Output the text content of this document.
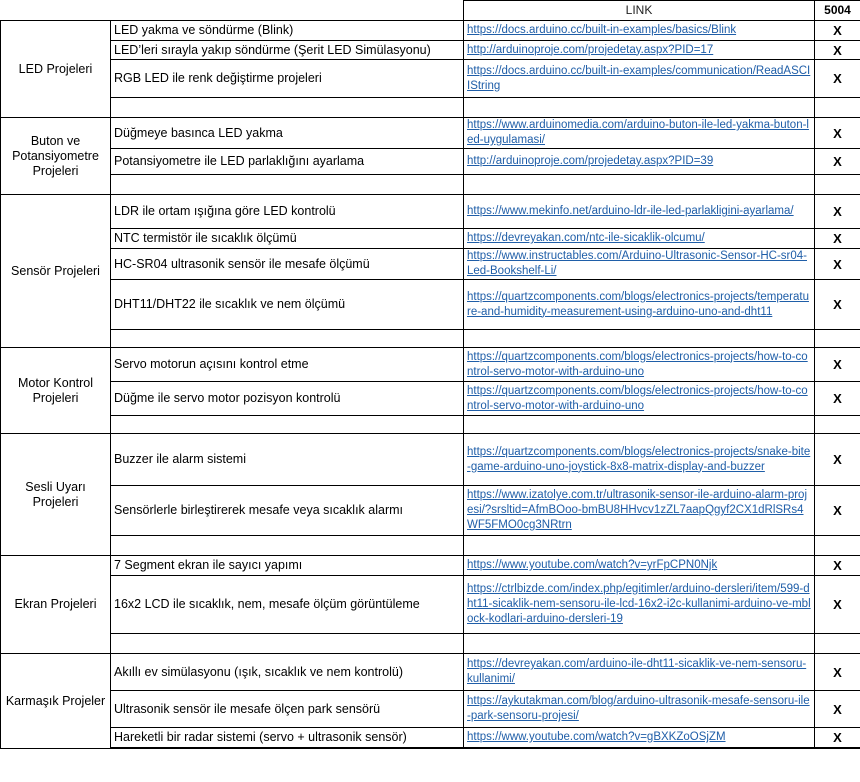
		LINK	5004
LED Projeleri	LED yakma ve söndürme (Blink)	https://docs.arduino.cc/built-in-examples/basics/Blink	X
	LED’leri sırayla yakıp söndürme (Şerit LED Simülasyonu)	http://arduinoproje.com/projedetay.aspx?PID=17	X
	RGB LED ile renk değiştirme projeleri	https://docs.arduino.cc/built-in-examples/communication/ReadASCIIString	X

Buton ve Potansiyometre Projeleri	Düğmeye basınca LED yakma	https://www.arduinomedia.com/arduino-buton-ile-led-yakma-buton-led-uygulamasi/	X
	Potansiyometre ile LED parlaklığını ayarlama	http://arduinoproje.com/projedetay.aspx?PID=39	X

Sensör Projeleri	LDR ile ortam ışığına göre LED kontrolü	https://www.mekinfo.net/arduino-ldr-ile-led-parlakligini-ayarlama/	X
	NTC termistör ile sıcaklık ölçümü	https://devreyakan.com/ntc-ile-sicaklik-olcumu/	X
	HC-SR04 ultrasonik sensör ile mesafe ölçümü	https://www.instructables.com/Arduino-Ultrasonic-Sensor-HC-sr04-Led-Bookshelf-Li/	X
	DHT11/DHT22 ile sıcaklık ve nem ölçümü	https://quartzcomponents.com/blogs/electronics-projects/temperature-and-humidity-measurement-using-arduino-uno-and-dht11	X

Motor Kontrol Projeleri	Servo motorun açısını kontrol etme	https://quartzcomponents.com/blogs/electronics-projects/how-to-control-servo-motor-with-arduino-uno	X
	Düğme ile servo motor pozisyon kontrolü	https://quartzcomponents.com/blogs/electronics-projects/how-to-control-servo-motor-with-arduino-uno	X

Sesli Uyarı Projeleri	Buzzer ile alarm sistemi	https://quartzcomponents.com/blogs/electronics-projects/snake-bite-game-arduino-uno-joystick-8x8-matrix-display-and-buzzer	X
	Sensörlerle birleştirerek mesafe veya sıcaklık alarmı	https://www.izatolye.com.tr/ultrasonik-sensor-ile-arduino-alarm-projesi/?srsltid=AfmBOoo-bmBU8HHvcv1zZL7aapQgyf2CX1dRlSRs4WF5FMO0cg3NRtrn	X

Ekran Projeleri	7 Segment ekran ile sayıcı yapımı	https://www.youtube.com/watch?v=yrFpCPN0Njk	X
	16x2 LCD ile sıcaklık, nem, mesafe ölçüm görüntüleme	https://ctrlbizde.com/index.php/egitimler/arduino-dersleri/item/599-dht11-sicaklik-nem-sensoru-ile-lcd-16x2-i2c-kullanimi-arduino-ve-mblock-kodlari-arduino-dersleri-19	X

Karmaşık Projeler	Akıllı ev simülasyonu (ışık, sıcaklık ve nem kontrolü)	https://devreyakan.com/arduino-ile-dht11-sicaklik-ve-nem-sensoru-kullanimi/	X
	Ultrasonik sensör ile mesafe ölçen park sensörü	https://aykutakman.com/blog/arduino-ultrasonik-mesafe-sensoru-ile-park-sensoru-projesi/	X
	Hareketli bir radar sistemi (servo + ultrasonik sensör)	https://www.youtube.com/watch?v=gBXKZoOSjZM	X
